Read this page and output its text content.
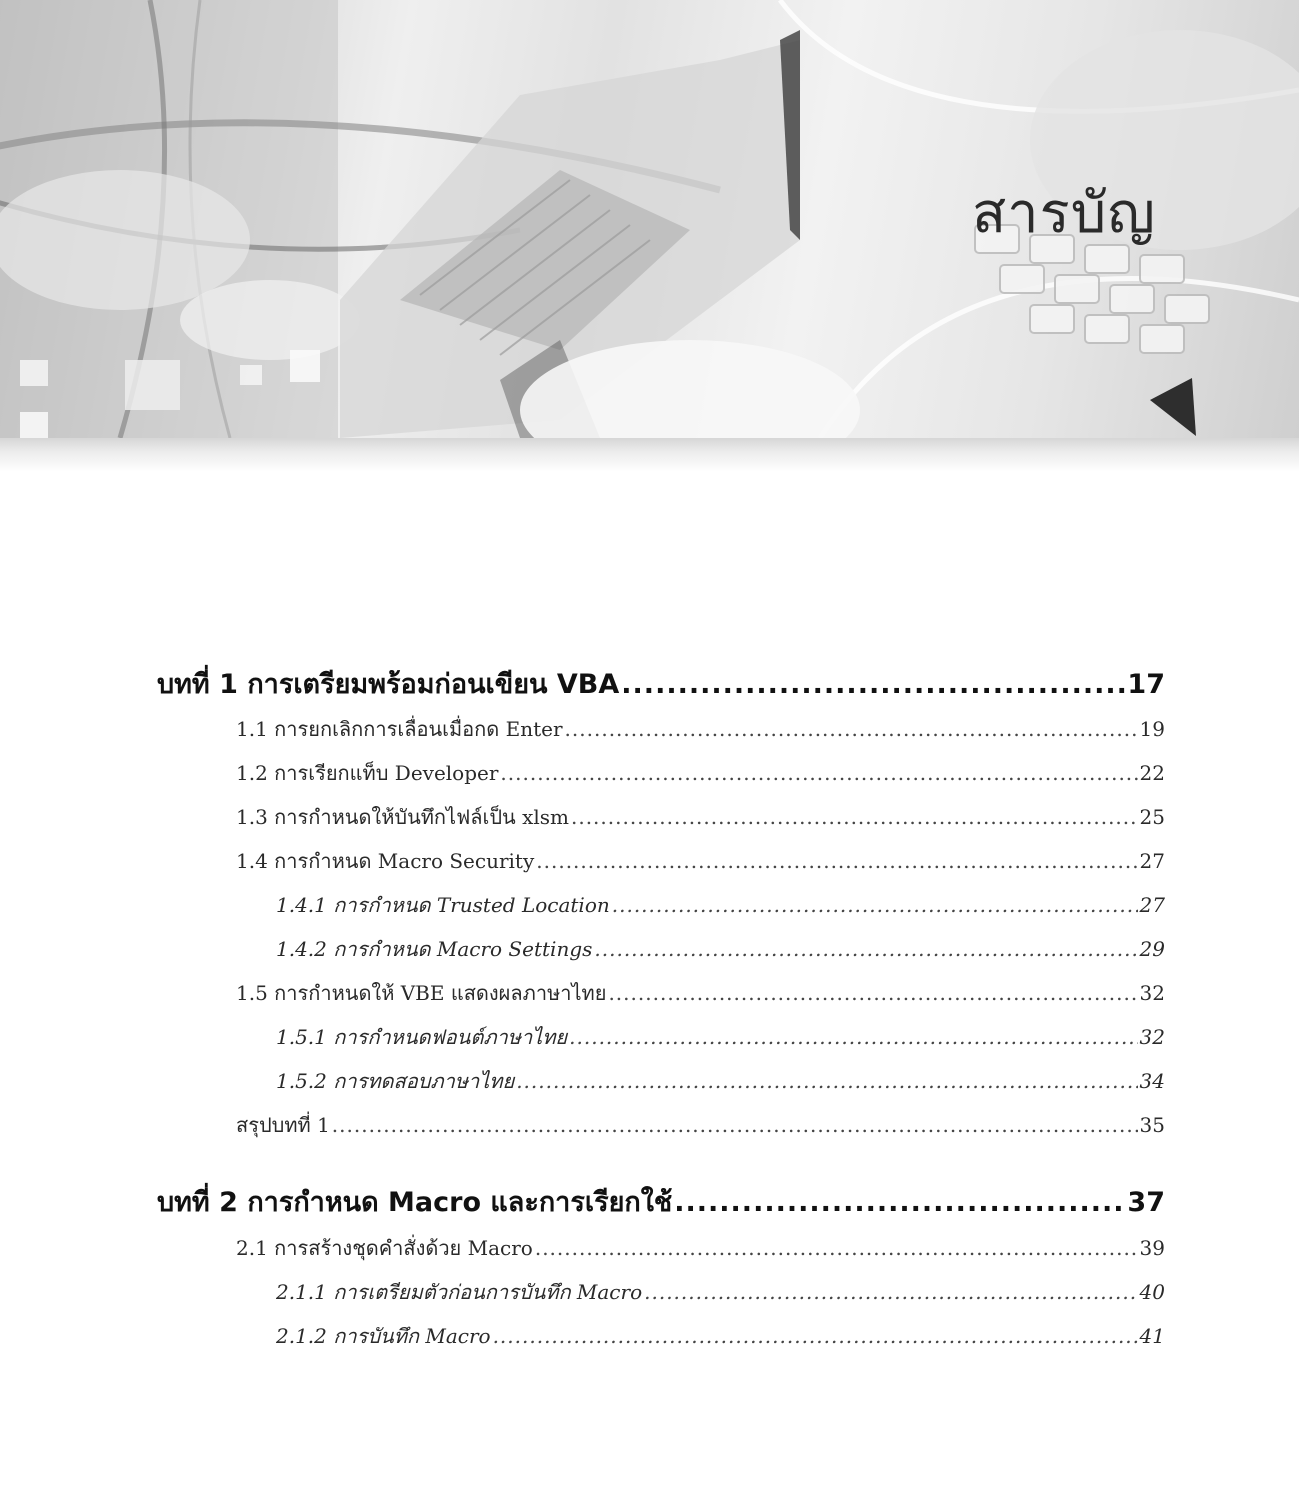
สารบัญ
บทที่ 1 การเตรียมพร้อมก่อนเขียน VBA .....	17
1.1 การยกเลิกการเลื่อนเมื่อกด Enter .....	19
1.2 การเรียกแท็บ Developer .....	22
1.3 การกำหนดให้บันทึกไฟล์เป็น xlsm .....	25
1.4 การกำหนด Macro Security .....	27
1.4.1 การกำหนด Trusted Location .....	27
1.4.2 การกำหนด Macro Settings .....	29
1.5 การกำหนดให้ VBE แสดงผลภาษาไทย .....	32
1.5.1 การกำหนดฟอนต์ภาษาไทย .....	32
1.5.2 การทดสอบภาษาไทย .....	34
สรุปบทที่ 1 .....	35
บทที่ 2 การกำหนด Macro และการเรียกใช้ .....	37
2.1 การสร้างชุดคำสั่งด้วย Macro .....	39
2.1.1 การเตรียมตัวก่อนการบันทึก Macro .....	40
2.1.2 การบันทึก Macro .....	41
